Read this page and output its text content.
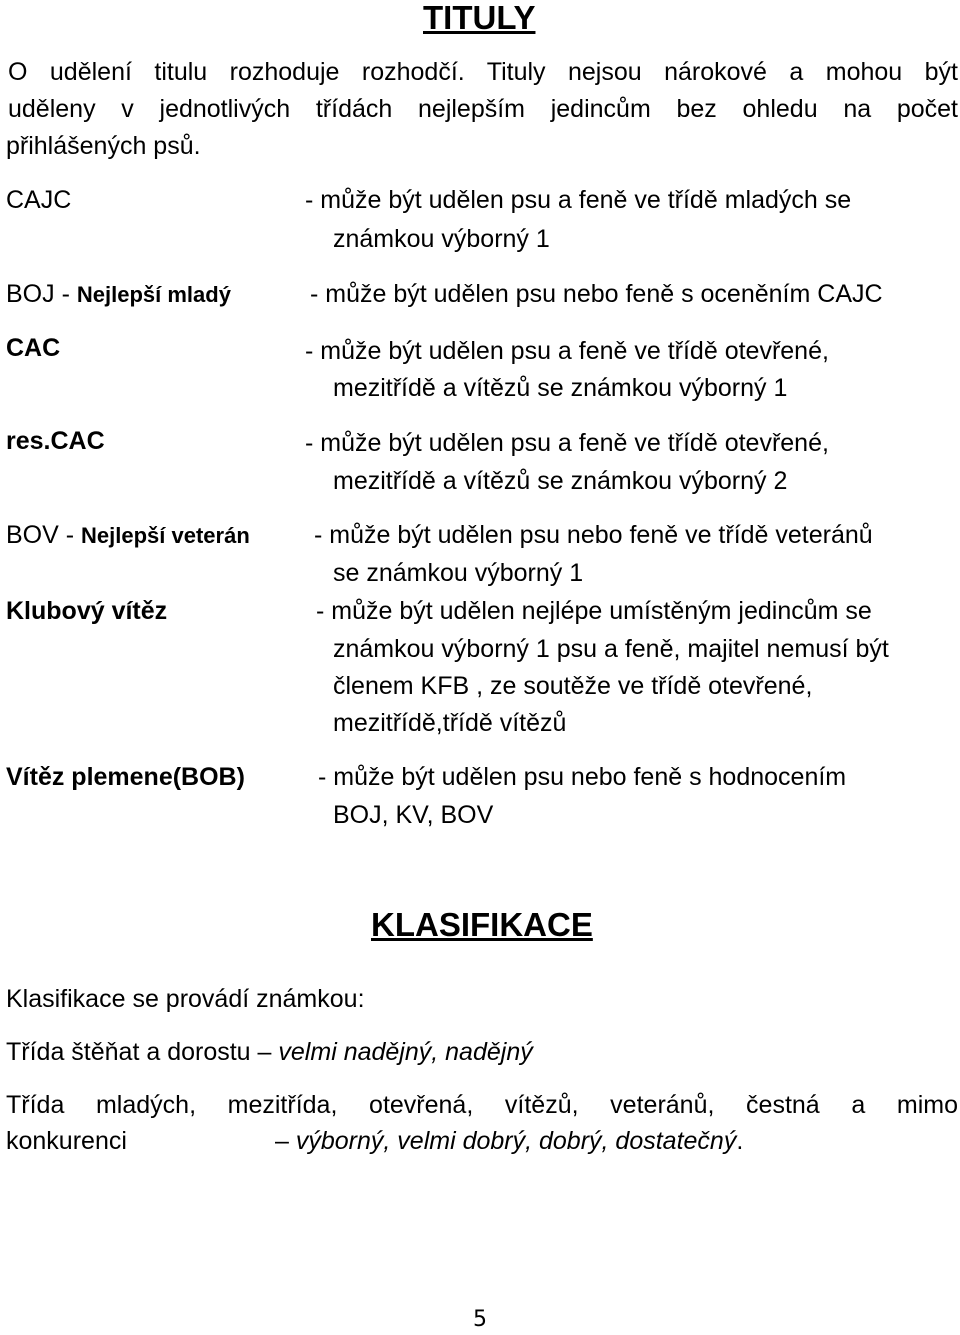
TITULY
O udělení titulu rozhoduje rozhodčí. Tituly nejsou nárokové a mohou být
uděleny v jednotlivých třídách nejlepším jedincům bez ohledu na počet
přihlášených psů.
CAJC	- může být udělen psu a feně ve třídě mladých se
známkou výborný 1
BOJ - Nejlepší mladý	- může být udělen psu nebo feně s oceněním CAJC
CAC	- může být udělen psu a feně ve třídě otevřené,
mezitřídě a vítězů se známkou výborný 1
res.CAC	- může být udělen psu a feně ve třídě otevřené,
mezitřídě a vítězů se známkou výborný 2
BOV - Nejlepší veterán	- může být udělen psu nebo feně ve třídě veteránů
se známkou výborný 1
Klubový vítěz	- může být udělen nejlépe umístěným jedincům se
známkou výborný 1 psu a feně, majitel nemusí být
členem KFB , ze soutěže ve třídě otevřené,
mezitřídě,třídě vítězů
Vítěz plemene(BOB)	- může být udělen psu nebo feně s hodnocením
BOJ, KV, BOV
KLASIFIKACE
Klasifikace se provádí známkou:
Třída štěňat a dorostu – velmi nadějný, nadějný
Třída mladých, mezitřída, otevřená, vítězů, veteránů, čestná a mimo
konkurenci	– výborný, velmi dobrý, dobrý, dostatečný.
5
